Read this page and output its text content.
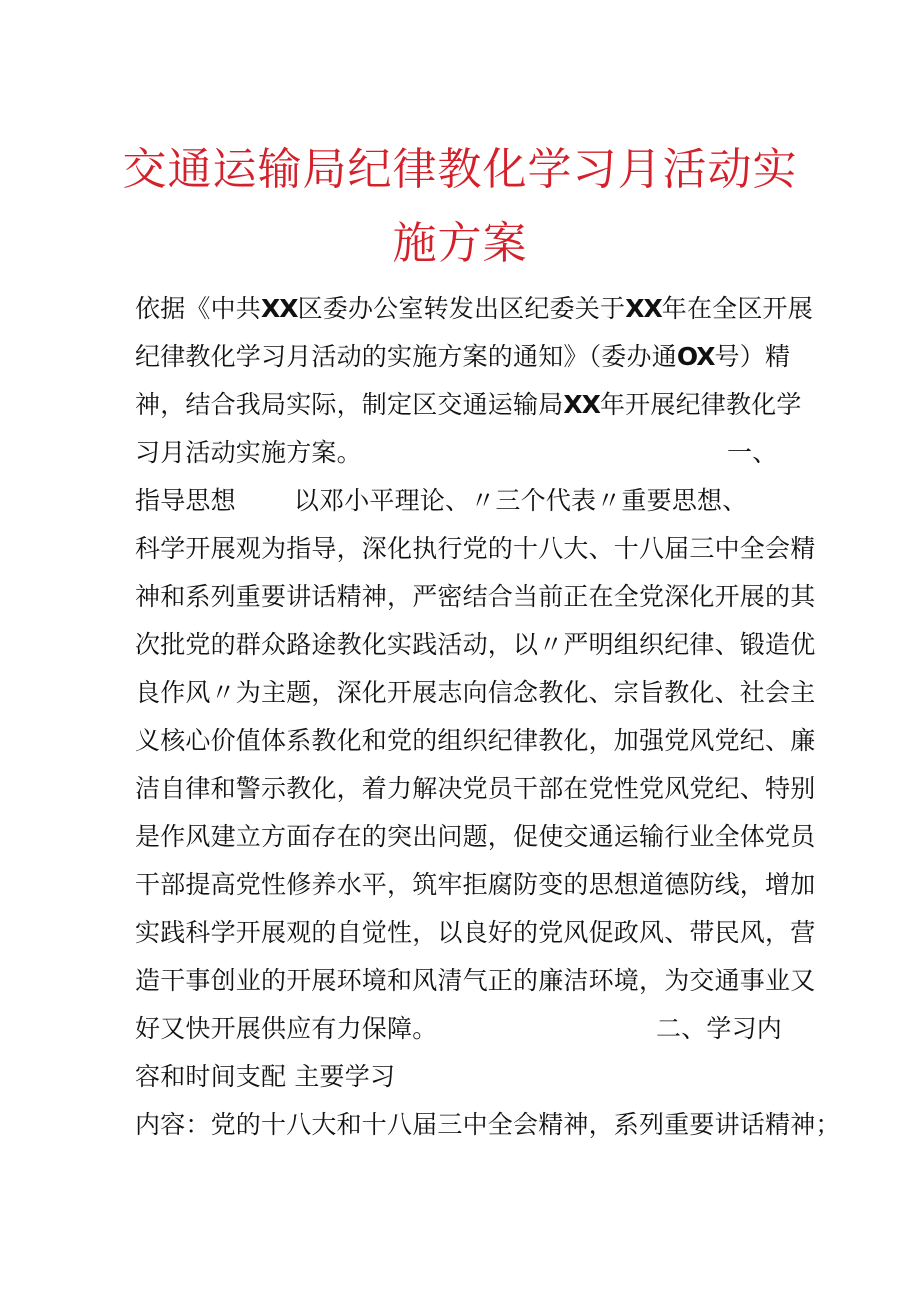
交通运输局纪律教化学习月活动实
施方案
依据《中共XX区委办公室转发出区纪委关于XX年在全区开展
纪律教化学习月活动的实施方案的通知》（委办通OX号）精
神，结合我局实际，制定区交通运输局XX年开展纪律教化学
习月活动实施方案。	一、
指导思想 以邓小平理论、〃三个代表〃重要思想、
科学开展观为指导，深化执行党的十八大、十八届三中全会精
神和系列重要讲话精神，严密结合当前正在全党深化开展的其
次批党的群众路途教化实践活动，以〃严明组织纪律、锻造优
良作风〃为主题，深化开展志向信念教化、宗旨教化、社会主
义核心价值体系教化和党的组织纪律教化，加强党风党纪、廉
洁自律和警示教化，着力解决党员干部在党性党风党纪、特别
是作风建立方面存在的突出问题，促使交通运输行业全体党员
干部提高党性修养水平，筑牢拒腐防变的思想道德防线，增加
实践科学开展观的自觉性，以良好的党风促政风、带民风，营
造干事创业的开展环境和风清气正的廉洁环境，为交通事业又
好又快开展供应有力保障。	二、学习内
容和时间支配 主要学习
内容：党的十八大和十八届三中全会精神，系列重要讲话精神；
